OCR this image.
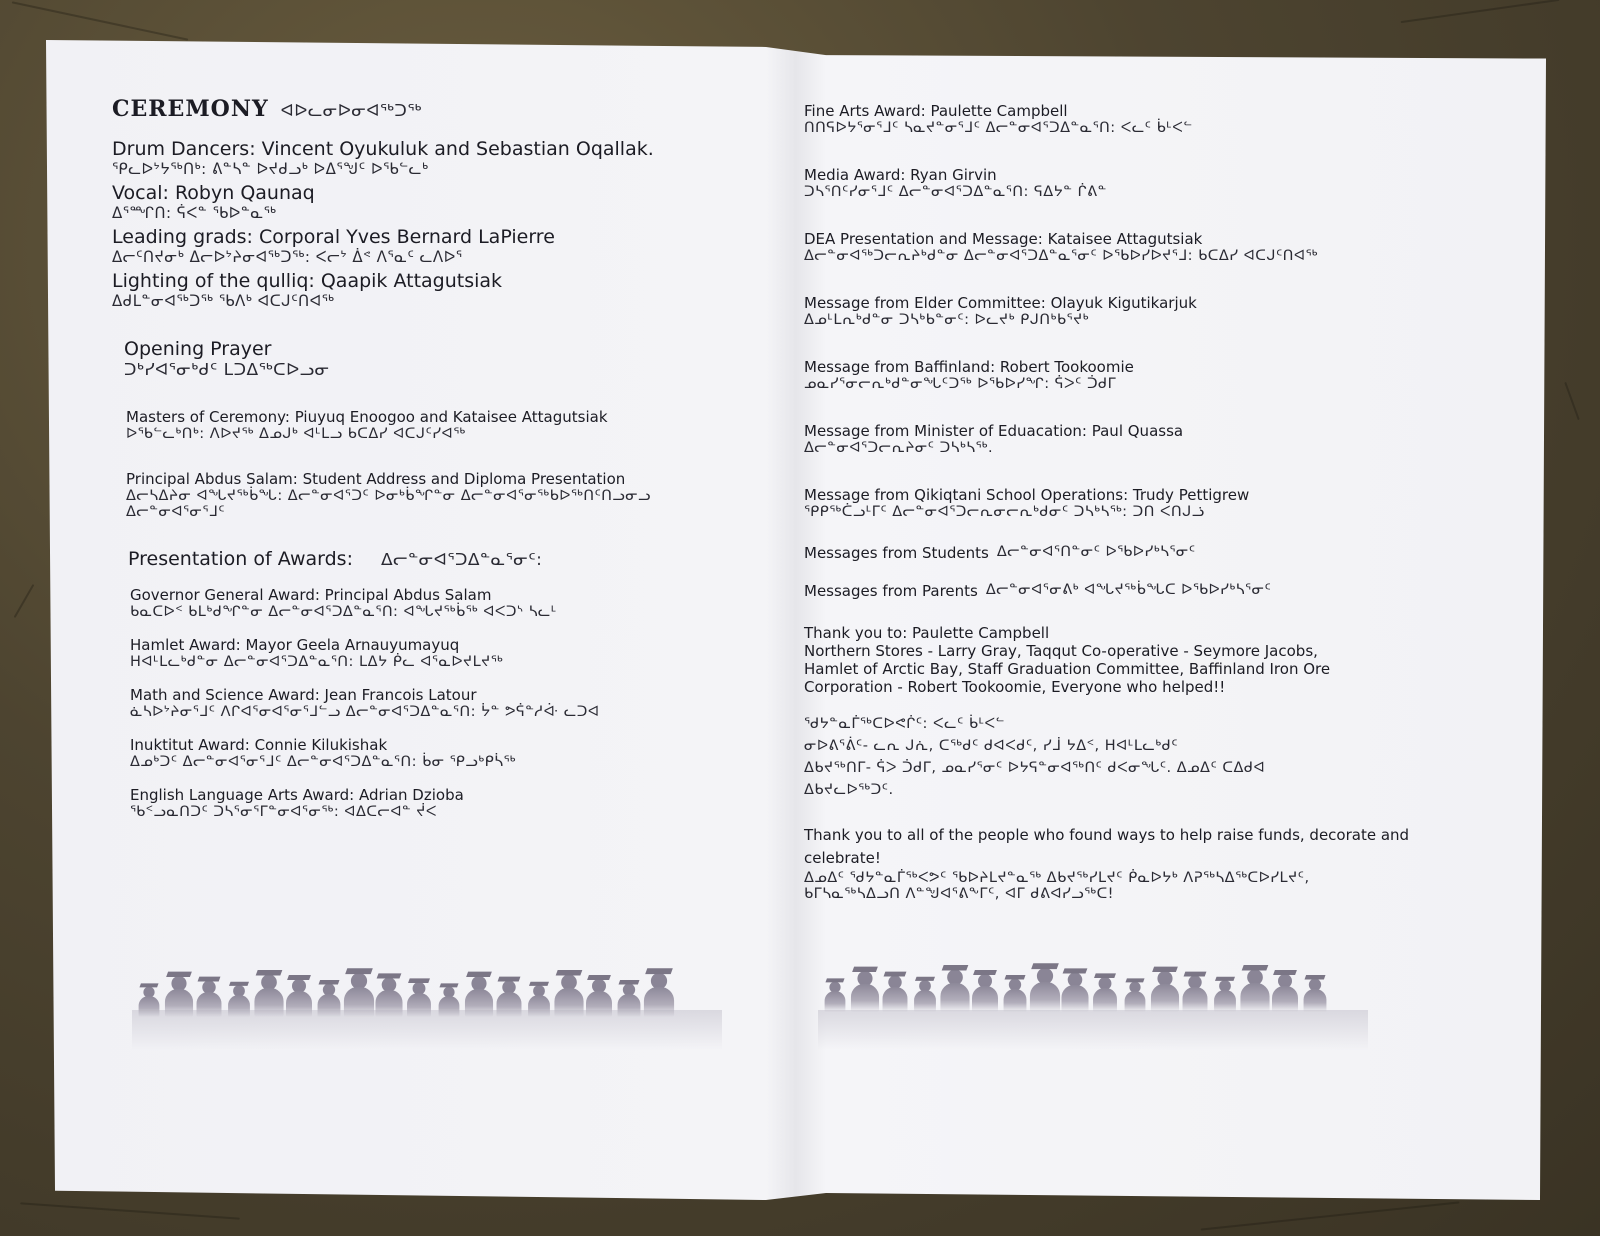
CEREMONY ᐊᐅᓚᓂᐅᓂᐊᖅᑐᖅ
Drum Dancers: Vincent Oyukuluk and Sebastian Oqallak.
ᕿᓚᐅᔾᔭᖅᑎᒃ: ᕕᓐᓴᓐ ᐅᔪᑯᓗᒃ ᐅᐃᕐᖑᑦ ᐅᖃᓪᓚᒃ
Vocal: Robyn Qaunaq
ᐃᕐᙱᑎ: ᕌᐸᓐ ᖃᐅᓐᓇᖅ
Leading grads: Corporal Yves Bernard LaPierre
ᐃᓕᑦᑎᔪᓂᒃ ᐃᓕᐅᔾᔨᓂᐊᖅᑐᖅ: ᐸᓕᔾ ᐄᕝ ᐱᕐᓇᑦ ᓚᐱᐅᕐ
Lighting of the qulliq: Qaapik Attagutsiak
ᐃᑯᒪᓐᓂᐊᖅᑐᖅ ᖃᐱᒃ ᐊᑕᒍᑦᑎᐊᖅ
Opening Prayer
ᑐᒃᓯᐊᕐᓂᒃᑯᑦ ᒪᑐᐃᖅᑕᐅᓗᓂ
Masters of Ceremony: Piuyuq Enoogoo and Kataisee Attagutsiak
ᐅᖃᓪᓚᒃᑎᒃ: ᐱᐅᔪᖅ ᐃᓄᒍᒃ ᐊᒻᒪᓗ ᑲᑕᐃᓯ ᐊᑕᒍᑦᓯᐊᖅ
Principal Abdus Salam: Student Address and Diploma Presentation
ᐃᓕᓴᐃᔨᓂ ᐊᖓᔪᖅᑳᖓ: ᐃᓕᓐᓂᐊᕐᑐᑦ ᐅᓂᒃᑳᖏᓐᓂ ᐃᓕᓐᓂᐊᕐᓂᖅᑲᐅᖅᑎᑦᑎᓗᓂᓗ
ᐃᓕᓐᓂᐊᕐᓂᕐᒧᑦ
Presentation of Awards: ᐃᓕᓐᓂᐊᕐᑐᐃᓐᓇᕐᓂᑦ:
Governor General Award: Principal Abdus Salam
ᑲᓇᑕᐅᑉ ᑲᒪᒃᑯᖏᓐᓂ ᐃᓕᓐᓂᐊᕐᑐᐃᓐᓇᕐᑎ: ᐊᖓᔪᖅᑳᖅ ᐊᐸᑐᔅ ᓴᓚᒻ
Hamlet Award: Mayor Geela Arnauyumayuq
ᕼᐊᒻᒪᓚᒃᑯᓐᓂ ᐃᓕᓐᓂᐊᕐᑐᐃᓐᓇᕐᑎ: ᒪᐃᔭ ᑮᓚ ᐊᕐᓇᐅᔪᒪᔪᖅ
Math and Science Award: Jean Francois Latour
ᓈᓴᐅᔾᔨᓂᕐᒧᑦ ᐱᒋᐊᕐᓂᐊᕐᓂᕐᒧᓪᓗ ᐃᓕᓐᓂᐊᕐᑐᐃᓐᓇᕐᑎ: ᔮᓐ ᕗᕌᓐᓱᐚ ᓚᑐᐊ
Inuktitut Award: Connie Kilukishak
ᐃᓄᒃᑐᑦ ᐃᓕᓐᓂᐊᕐᓂᕐᒧᑦ ᐃᓕᓐᓂᐊᕐᑐᐃᓐᓇᕐᑎ: ᑳᓂ ᕿᓗᒃᑭᓵᖅ
English Language Arts Award: Adrian Dzioba
ᖃᑉᓗᓇᑎᑐᑦ ᑐᓴᕐᓂᕐᒥᓐᓂᐊᕐᓂᖅ: ᐊᐃᑕᓕᐊᓐ ᔫᐸ
Fine Arts Award: Paulette Campbell
ᑎᑎᕋᐅᔭᕐᓂᕐᒧᑦ ᓴᓇᔪᓐᓂᕐᒧᑦ ᐃᓕᓐᓂᐊᕐᑐᐃᓐᓇᕐᑎ: ᐸᓚᑦ ᑳᒻᐸᓪ
Media Award: Ryan Girvin
ᑐᓴᕐᑎᑦᓯᓂᕐᒧᑦ ᐃᓕᓐᓂᐊᕐᑐᐃᓐᓇᕐᑎ: ᕋᐃᔭᓐ ᒌᕕᓐ
DEA Presentation and Message: Kataisee Attagutsiak
ᐃᓕᓐᓂᐊᖅᑐᓕᕆᔨᒃᑯᓐᓂ ᐃᓕᓐᓂᐊᕐᑐᐃᓐᓇᕐᓂᑦ ᐅᖃᐅᓯᐅᔪᕐᒧ: ᑲᑕᐃᓯ ᐊᑕᒍᑦᑎᐊᖅ
Message from Elder Committee: Olayuk Kigutikarjuk
ᐃᓄᒻᒪᕆᒃᑯᓐᓂ ᑐᓴᒃᑲᓐᓂᑦ: ᐅᓚᔪᒃ ᑭᒍᑎᒃᑲᕐᔪᒃ
Message from Baffinland: Robert Tookoomie
ᓄᓇᓯᕐᓂᓕᕆᒃᑯᓐᓂᖓᑦᑐᖅ ᐅᖃᐅᓯᖏ: ᕌᐳᑦ ᑑᑯᒥ
Message from Minister of Eduacation: Paul Quassa
ᐃᓕᓐᓂᐊᕐᑐᓕᕆᔨᓂᑦ ᑐᓴᒃᓴᖅ.
Message from Qikiqtani School Operations: Trudy Pettigrew
ᕿᑭᖅᑖᓗᒻᒥᑦ ᐃᓕᓐᓂᐊᕐᑐᓕᕆᓂᓕᕆᒃᑯᓂᑦ ᑐᓴᒃᓴᖅ: ᑐᑎ ᐸᑎᒍᓘ
Messages from Students ᐃᓕᓐᓂᐊᕐᑎᓐᓂᑦ ᐅᖃᐅᓯᒃᓴᕐᓂᑦ
Messages from Parents ᐃᓕᓐᓂᐊᕐᓂᕕᒃ ᐊᖓᔪᖅᑳᖓᑕ ᐅᖃᐅᓯᒃᓴᕐᓂᑦ
Thank you to: Paulette Campbell
Northern Stores - Larry Gray, Taqqut Co-operative - Seymore Jacobs,
Hamlet of Arctic Bay, Staff Graduation Committee, Baffinland Iron Ore
Corporation - Robert Tookoomie, Everyone who helped!!
ᖁᔭᓐᓇᒦᖅᑕᐅᕙᒌᑦ: ᐸᓚᑦ ᑳᒻᐸᓪ
ᓂᐅᕕᕐᕖᑦ- ᓚᕆ ᒍᕇ, ᑕᖅᑯᑦ ᑯᐊᐸᑯᑦ, ᓯᒨ ᔭᐃᑉ, ᕼᐊᒻᒪᓚᒃᑯᑦ
ᐃᑲᔪᖅᑎᒥ- ᕌᐳ ᑑᑯᒥ, ᓄᓇᓯᕐᓂᑦ ᐅᔭᕋᓐᓂᐊᖅᑎᑦ ᑯᐸᓂᖓᑦ. ᐃᓄᐃᑦ ᑕᐃᑯᐊ
ᐃᑲᔪᓚᐅᖅᑐᑦ.
Thank you to all of the people who found ways to help raise funds, decorate and celebrate!
ᐃᓄᐃᑦ ᖁᔭᓐᓇᒦᖅᐸᕗᑦ ᖃᐅᔨᒪᔪᓐᓇᖅ ᐃᑲᔪᖅᓯᒪᔪᑦ ᑮᓇᐅᔭᒃ ᐱᕈᖅᓴᐃᖅᑕᐅᓯᒪᔪᑦ,
ᑲᒥᓴᓇᖅᓴᐃᓗᑎ ᐱᓐᖑᐊᕐᕕᖕᒥᑦ, ᐊᒥ ᑯᕕᐊᓯᓗᖅᑕ!
